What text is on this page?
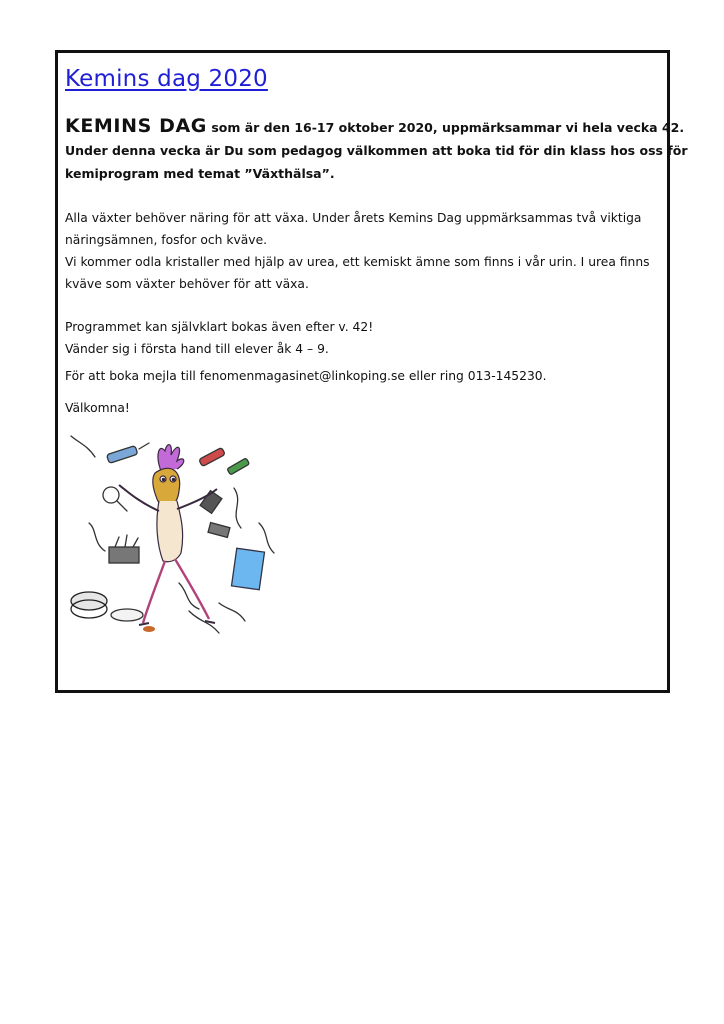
Kemins dag 2020
KEMINS DAG som är den 16-17 oktober 2020, uppmärksammar vi hela vecka 42.
Under denna vecka är Du som pedagog välkommen att boka tid för din klass hos oss för
kemiprogram med temat ”Växthälsa”.
Alla växter behöver näring för att växa. Under årets Kemins Dag uppmärksammas två viktiga
näringsämnen, fosfor och kväve.
Vi kommer odla kristaller med hjälp av urea, ett kemiskt ämne som finns i vår urin. I urea finns
kväve som växter behöver för att växa.
Programmet kan självklart bokas även efter v. 42!
Vänder sig i första hand till elever åk 4 – 9.
För att boka mejla till fenomenmagasinet@linkoping.se eller ring 013-145230.
Välkomna!
